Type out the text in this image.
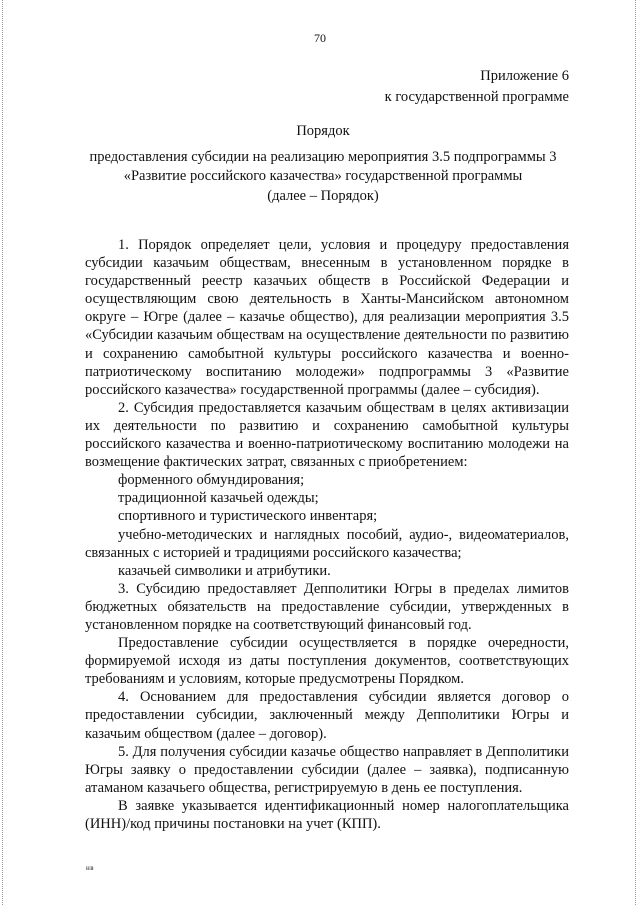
70
Приложение 6
к государственной программе
Порядок
предоставления субсидии на реализацию мероприятия 3.5 подпрограммы 3
«Развитие российского казачества» государственной программы
(далее – Порядок)

1. Порядок определяет цели, условия и процедуру предоставления субсидии казачьим обществам, внесенным в установленном порядке в государственный реестр казачьих обществ в Российской Федерации и осуществляющим свою деятельность в Ханты-Мансийском автономном округе – Югре (далее – казачье общество), для реализации мероприятия 3.5 «Субсидии казачьим обществам на осуществление деятельности по развитию и сохранению самобытной культуры российского казачества и военно-патриотическому воспитанию молодежи» подпрограммы 3 «Развитие российского казачества» государственной программы (далее – субсидия).

2. Субсидия предоставляется казачьим обществам в целях активизации их деятельности по развитию и сохранению самобытной культуры российского казачества и военно-патриотическому воспитанию молодежи на возмещение фактических затрат, связанных с приобретением:

форменного обмундирования;

традиционной казачьей одежды;

спортивного и туристического инвентаря;

учебно-методических и наглядных пособий, аудио-, видеоматериалов, связанных с историей и традициями российского казачества;

казачьей символики и атрибутики.

3. Субсидию предоставляет Депполитики Югры в пределах лимитов бюджетных обязательств на предоставление субсидии, утвержденных в установленном порядке на соответствующий финансовый год.

Предоставление субсидии осуществляется в порядке очередности, формируемой исходя из даты поступления документов, соответствующих требованиям и условиям, которые предусмотрены Порядком.

4. Основанием для предоставления субсидии является договор о предоставлении субсидии, заключенный между Депполитики Югры и казачьим обществом (далее – договор).

5. Для получения субсидии казачье общество направляет в Депполитики Югры заявку о предоставлении субсидии (далее – заявка), подписанную атаманом казачьего общества, регистрируемую в день ее поступления.

В заявке указывается идентификационный номер налогоплательщика (ИНН)/код причины постановки на учет (КПП).

нв
